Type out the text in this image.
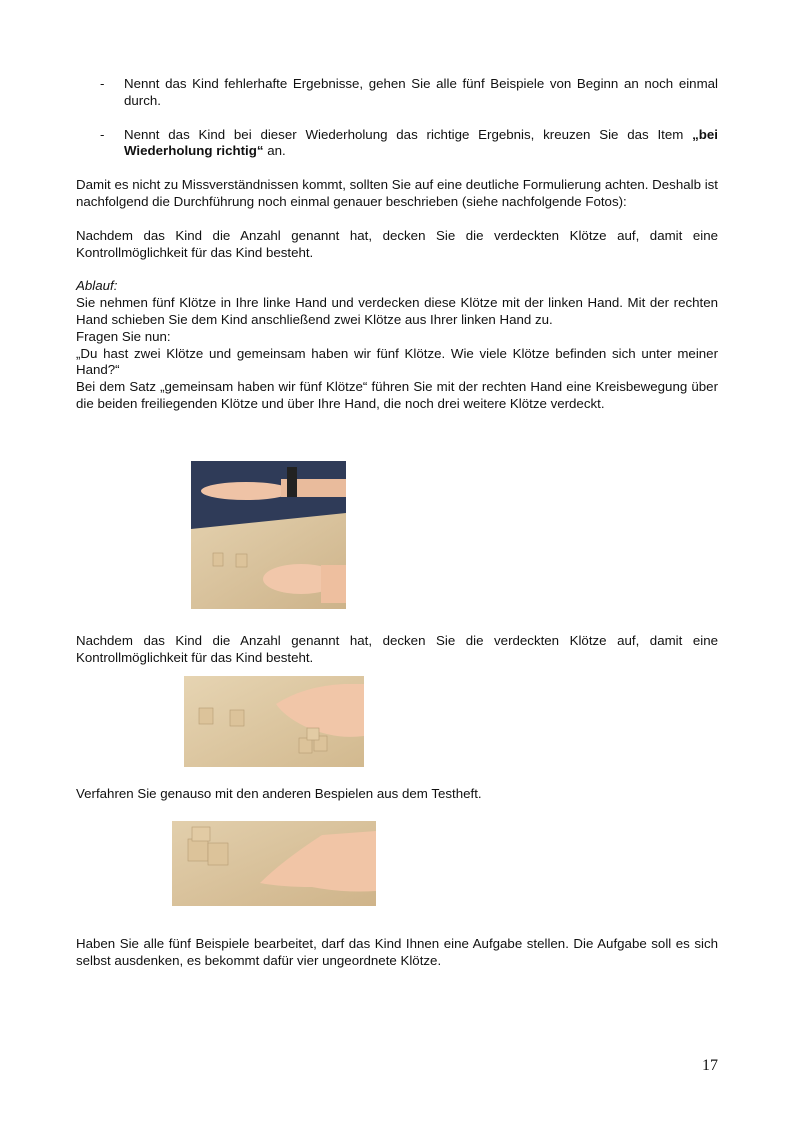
- Nennt das Kind fehlerhafte Ergebnisse, gehen Sie alle fünf Beispiele von Beginn an noch einmal durch.

- Nennt das Kind bei dieser Wiederholung das richtige Ergebnis, kreuzen Sie das Item „bei Wiederholung richtig“ an.

Damit es nicht zu Missverständnissen kommt, sollten Sie auf eine deutliche Formulierung achten. Deshalb ist nachfolgend die Durchführung noch einmal genauer beschrieben (siehe nachfolgende Fotos):

Nachdem das Kind die Anzahl genannt hat, decken Sie die verdeckten Klötze auf, damit eine Kontrollmöglichkeit für das Kind besteht.

Ablauf:

Sie nehmen fünf Klötze in Ihre linke Hand und verdecken diese Klötze mit der linken Hand. Mit der rechten Hand schieben Sie dem Kind anschließend zwei Klötze aus Ihrer linken Hand zu.

Fragen Sie nun:

„Du hast zwei Klötze und gemeinsam haben wir fünf Klötze. Wie viele Klötze befinden sich unter meiner Hand?“

Bei dem Satz „gemeinsam haben wir fünf Klötze“ führen Sie mit der rechten Hand eine Kreisbewegung über die beiden freiliegenden Klötze und über Ihre Hand, die noch drei weitere Klötze verdeckt.

Nachdem das Kind die Anzahl genannt hat, decken Sie die verdeckten Klötze auf, damit eine Kontrollmöglichkeit für das Kind besteht.

Verfahren Sie genauso mit den anderen Bespielen aus dem Testheft.

Haben Sie alle fünf Beispiele bearbeitet, darf das Kind Ihnen eine Aufgabe stellen. Die Aufgabe soll es sich selbst ausdenken, es bekommt dafür vier ungeordnete Klötze.

17
